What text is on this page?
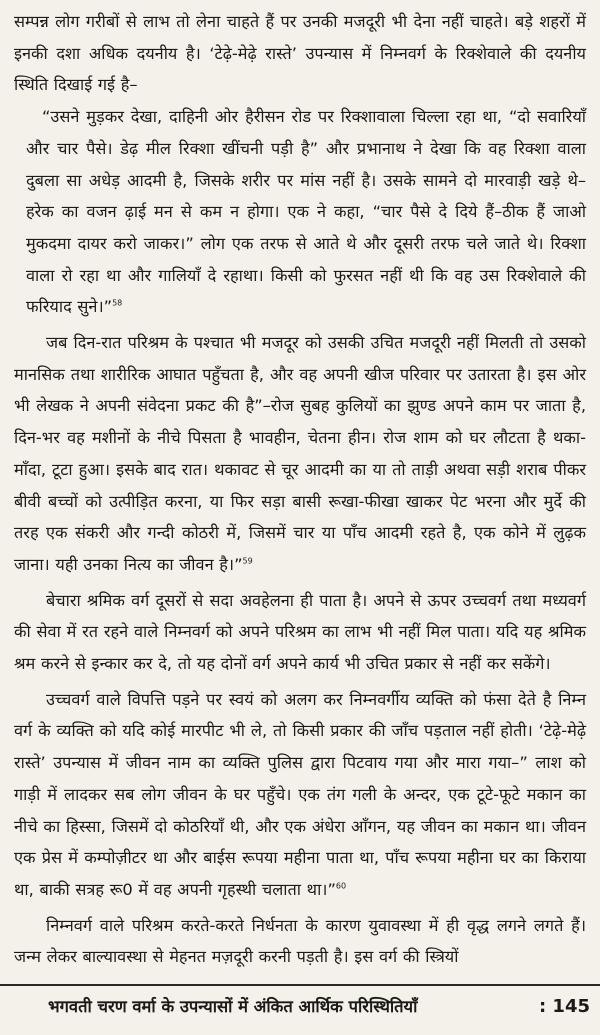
सम्पन्न लोग गरीबों से लाभ तो लेना चाहते हैं पर उनकी मजदूरी भी देना नहीं चाहते। बड़े शहरों में इनकी दशा अधिक दयनीय है। ‘टेढ़े-मेढ़े रास्ते’ उपन्यास में निम्नवर्ग के रिक्शेवाले की दयनीय स्थिति दिखाई गई है–

“उसने मुड़कर देखा, दाहिनी ओर हैरीसन रोड पर रिक्शावाला चिल्ला रहा था, “दो सवारियाँ और चार पैसे। डेढ़ मील रिक्शा खींचनी पड़ी है” और प्रभानाथ ने देखा कि वह रिक्शा वाला दुबला सा अधेड़ आदमी है, जिसके शरीर पर मांस नहीं है। उसके सामने दो मारवाड़ी खड़े थे–हरेक का वजन ढ़ाई मन से कम न होगा। एक ने कहा, “चार पैसे दे दिये हैं–ठीक हैं जाओ मुकदमा दायर करो जाकर।” लोग एक तरफ से आते थे और दूसरी तरफ चले जाते थे। रिक्शा वाला रो रहा था और गालियाँ दे रहाथा। किसी को फुरसत नहीं थी कि वह उस रिक्शेवाले की फरियाद सुने।”$^{58}$

जब दिन-रात परिश्रम के पश्चात भी मजदूर को उसकी उचित मजदूरी नहीं मिलती तो उसको मानसिक तथा शारीरिक आघात पहुँचता है, और वह अपनी खीज परिवार पर उतारता है। इस ओर भी लेखक ने अपनी संवेदना प्रकट की है”–रोज सुबह कुलियों का झुण्ड अपने काम पर जाता है, दिन-भर वह मशीनों के नीचे पिसता है भावहीन, चेतना हीन। रोज शाम को घर लौटता है थका-माँदा, टूटा हुआ। इसके बाद रात। थकावट से चूर आदमी का या तो ताड़ी अथवा सड़ी शराब पीकर बीवी बच्चों को उत्पीड़ित करना, या फिर सड़ा बासी रूखा-फीखा खाकर पेट भरना और मुर्दे की तरह एक संकरी और गन्दी कोठरी में, जिसमें चार या पाँच आदमी रहते है, एक कोने में लुढ़क जाना। यही उनका नित्य का जीवन है।”$^{59}$

बेचारा श्रमिक वर्ग दूसरों से सदा अवहेलना ही पाता है। अपने से ऊपर उच्चवर्ग तथा मध्यवर्ग की सेवा में रत रहने वाले निम्नवर्ग को अपने परिश्रम का लाभ भी नहीं मिल पाता। यदि यह श्रमिक श्रम करने से इन्कार कर दे, तो यह दोनों वर्ग अपने कार्य भी उचित प्रकार से नहीं कर सकेंगे।

उच्चवर्ग वाले विपत्ति पड़ने पर स्वयं को अलग कर निम्नवर्गीय व्यक्ति को फंसा देते है निम्न वर्ग के व्यक्ति को यदि कोई मारपीट भी ले, तो किसी प्रकार की जाँच पड़ताल नहीं होती। ‘टेढ़े-मेढ़े रास्ते’ उपन्यास में जीवन नाम का व्यक्ति पुलिस द्वारा पिटवाय गया और मारा गया–” लाश को गाड़ी में लादकर सब लोग जीवन के घर पहुँचे। एक तंग गली के अन्दर, एक टूटे-फूटे मकान का नीचे का हिस्सा, जिसमें दो कोठरियाँ थी, और एक अंधेरा आँगन, यह जीवन का मकान था। जीवन एक प्रेस में कम्पोज़ीटर था और बाईस रूपया महीना पाता था, पाँच रूपया महीना घर का किराया था, बाकी सत्रह रू0 में वह अपनी गृहस्थी चलाता था।”$^{60}$

निम्नवर्ग वाले परिश्रम करते-करते निर्धनता के कारण युवावस्था में ही वृद्ध लगने लगते हैं। जन्म लेकर बाल्यावस्था से मेहनत मज़दूरी करनी पड़ती है। इस वर्ग की स्त्रियों

भगवती चरण वर्मा के उपन्यासों में अंकित आर्थिक परिस्थितियाँ	: 145
